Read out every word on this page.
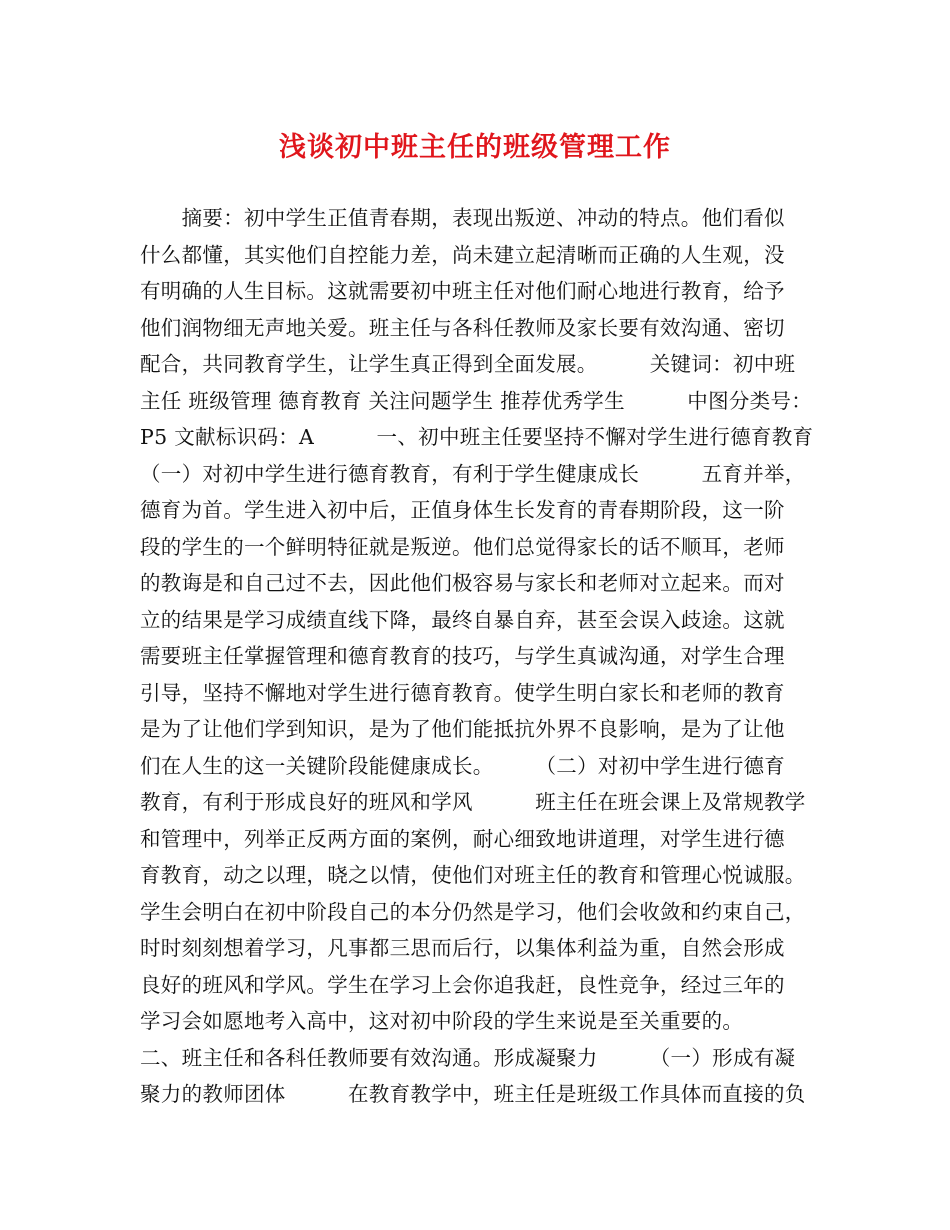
浅谈初中班主任的班级管理工作
　　摘要：初中学生正值青春期，表现出叛逆、冲动的特点。他们看似
什么都懂，其实他们自控能力差，尚未建立起清晰而正确的人生观，没
有明确的人生目标。这就需要初中班主任对他们耐心地进行教育，给予
他们润物细无声地关爱。班主任与各科任教师及家长要有效沟通、密切
配合，共同教育学生，让学生真正得到全面发展。　　　关键词：初中班
主任 班级管理 德育教育 关注问题学生 推荐优秀学生　　　中图分类号：
P5 文献标识码：A　　　一、初中班主任要坚持不懈对学生进行德育教育
（一）对初中学生进行德育教育，有利于学生健康成长　　　五育并举，
德育为首。学生进入初中后，正值身体生长发育的青春期阶段，这一阶
段的学生的一个鲜明特征就是叛逆。他们总觉得家长的话不顺耳，老师
的教诲是和自己过不去，因此他们极容易与家长和老师对立起来。而对
立的结果是学习成绩直线下降，最终自暴自弃，甚至会误入歧途。这就
需要班主任掌握管理和德育教育的技巧，与学生真诚沟通，对学生合理
引导，坚持不懈地对学生进行德育教育。使学生明白家长和老师的教育
是为了让他们学到知识，是为了他们能抵抗外界不良影响，是为了让他
们在人生的这一关键阶段能健康成长。　　　（二）对初中学生进行德育
教育，有利于形成良好的班风和学风　　　班主任在班会课上及常规教学
和管理中，列举正反两方面的案例，耐心细致地讲道理，对学生进行德
育教育，动之以理，晓之以情，使他们对班主任的教育和管理心悦诚服。
学生会明白在初中阶段自己的本分仍然是学习，他们会收敛和约束自己，
时时刻刻想着学习，凡事都三思而后行，以集体利益为重，自然会形成
良好的班风和学风。学生在学习上会你追我赶，良性竞争，经过三年的
学习会如愿地考入高中，这对初中阶段的学生来说是至关重要的。
二、班主任和各科任教师要有效沟通。形成凝聚力　　　（一）形成有凝
聚力的教师团体　　　在教育教学中，班主任是班级工作具体而直接的负
